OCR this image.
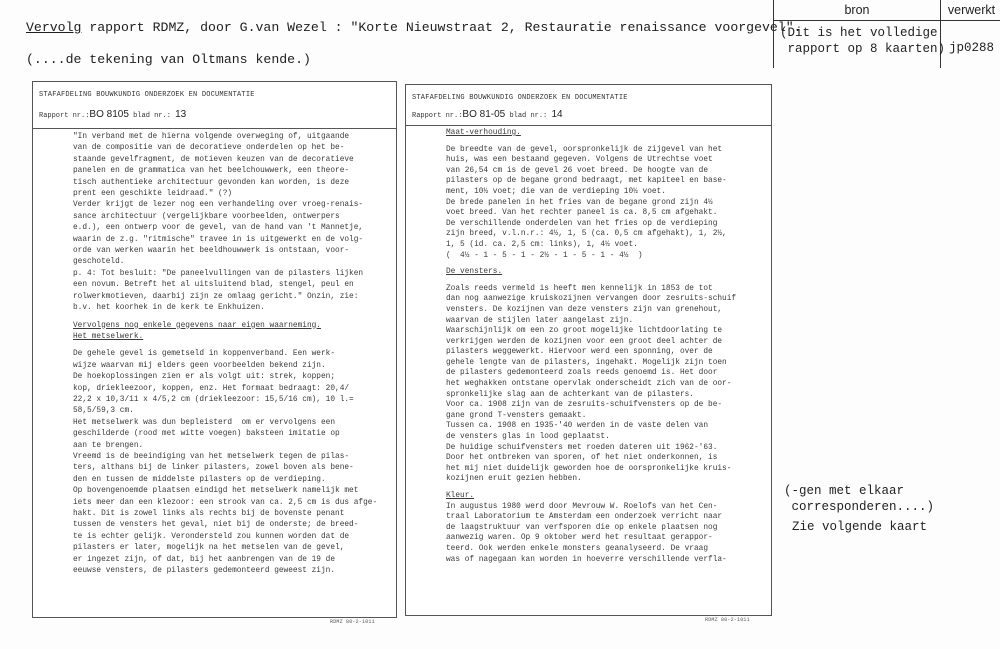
Vervolg rapport RDMZ, door G.van Wezel : "Korte Nieuwstraat 2, Restauratie renaissance voorgevel".
(....de tekening van Oltmans kende.)
bron	verwerkt
(Dit is het volledige
rapport op 8 kaarten) jp0288
STAFAFDELING BOUWKUNDIG ONDERZOEK EN DOCUMENTATIE
Rapport nr.:BO 8105 blad nr.: 13
"In verband met de hierna volgende overweging of, uitgaande
van de compositie van de decoratieve onderdelen op het be-
staande gevelfragment, de motieven keuzen van de decoratieve
panelen en de grammatica van het beelchouwwerk, een theore-
tisch authentieke architectuur gevonden kan worden, is deze
prent een geschikte leidraad." (?)
Verder krijgt de lezer nog een verhandeling over vroeg-renais-
sance architectuur (vergelijkbare voorbeelden, ontwerpers
e.d.), een ontwerp voor de gevel, van de hand van 't Mannetje,
waarin de z.g. "ritmische" travee in is uitgewerkt en de volg-
orde van werken waarin het beeldhouwwerk is ontstaan, voor-
geschoteld.
p. 4: Tot besluit: "De paneelvullingen van de pilasters lijken
een novum. Betreft het al uitsluitend blad, stengel, peul en
rolwerkmotieven, daarbij zijn ze omlaag gericht." Onzin, zie:
b.v. het koorhek in de kerk te Enkhuizen.

Vervolgens nog enkele gegevens naar eigen waarneming.
Het metselwerk.

De gehele gevel is gemetseld in koppenverband. Een werk-
wijze waarvan mij elders geen voorbeelden bekend zijn.
De hoekoplossingen zien er als volgt uit: strek, koppen;
kop, driekleezoor, koppen, enz. Het formaat bedraagt: 20,4/
22,2 x 10,3/11 x 4/5,2 cm (driekleezoor: 15,5/16 cm), 10 l.=
58,5/59,3 cm.
Het metselwerk was dun bepleisterd  om er vervolgens een
geschilderde (rood met witte voegen) baksteen imitatie op
aan te brengen.
Vreemd is de beeindiging van het metselwerk tegen de pilas-
ters, althans bij de linker pilasters, zowel boven als bene-
den en tussen de middelste pilasters op de verdieping.
Op bovengenoemde plaatsen eindigd het metselwerk namelijk met
iets meer dan een klezoor: een strook van ca. 2,5 cm is dus afge-
hakt. Dit is zowel links als rechts bij de bovenste penant
tussen de vensters het geval, niet bij de onderste; de breed-
te is echter gelijk. Verondersteld zou kunnen worden dat de
pilasters er later, mogelijk na het metselen van de gevel,
er ingezet zijn, of dat, bij het aanbrengen van de 19 de
eeuwse vensters, de pilasters gedemonteerd geweest zijn.
RDMZ 80-2-1011
STAFAFDELING BOUWKUNDIG ONDERZOEK EN DOCUMENTATIE
Rapport nr.:BO 81-05 blad nr.: 14
Maat-verhouding.

De breedte van de gevel, oorspronkelijk de zijgevel van het
huis, was een bestaand gegeven. Volgens de Utrechtse voet
van 26,54 cm is de gevel 26 voet breed. De hoogte van de
pilasters op de begane grond bedraagt, met kapiteel en base-
ment, 10½ voet; die van de verdieping 10½ voet.
De brede panelen in het fries van de begane grond zijn 4½
voet breed. Van het rechter paneel is ca. 8,5 cm afgehakt.
De verschillende onderdelen van het fries op de verdieping
zijn breed, v.l.n.r.: 4½, 1, 5 (ca. 0,5 cm afgehakt), 1, 2½,
1, 5 (id. ca. 2,5 cm: links), 1, 4½ voet.
(  4½ - 1 - 5 - 1 - 2½ - 1 - 5 - 1 - 4½  )

De vensters.

Zoals reeds vermeld is heeft men kennelijk in 1853 de tot
dan nog aanwezige kruiskozijnen vervangen door zesruits-schuif
vensters. De kozijnen van deze vensters zijn van grenehout,
waarvan de stijlen later aangelast zijn.
Waarschijnlijk om een zo groot mogelijke lichtdoorlating te
verkrijgen werden de kozijnen voor een groot deel achter de
pilasters weggewerkt. Hiervoor werd een sponning, over de
gehele lengte van de pilasters, ingehakt. Mogelijk zijn toen
de pilasters gedemonteerd zoals reeds genoemd is. Het door
het weghakken ontstane opervlak onderscheidt zich van de oor-
spronkelijke slag aan de achterkant van de pilasters.
Voor ca. 1908 zijn van de zesruits-schuifvensters op de be-
gane grond T-vensters gemaakt.
Tussen ca. 1908 en 1935-'40 werden in de vaste delen van
de vensters glas in lood geplaatst.
De huidige schuifvensters met roeden dateren uit 1962-'63.
Door het ontbreken van sporen, of het niet onderkonnen, is
het mij niet duidelijk geworden hoe de oorspronkelijke kruis-
kozijnen eruit gezien hebben.

Kleur.
In augustus 1980 werd door Mevrouw W. Roelofs van het Cen-
traal Laboratorium te Amsterdam een onderzoek verricht naar
de laagstruktuur van verfsporen die op enkele plaatsen nog
aanwezig waren. Op 9 oktober werd het resultaat gerappor-
teerd. Ook werden enkele monsters geanalyseerd. De vraag
was of nagegaan kan worden in hoeverre verschillende verfla-
RDMZ 80-2-1011
(-gen met elkaar
corresponderen....)
Zie volgende kaart
